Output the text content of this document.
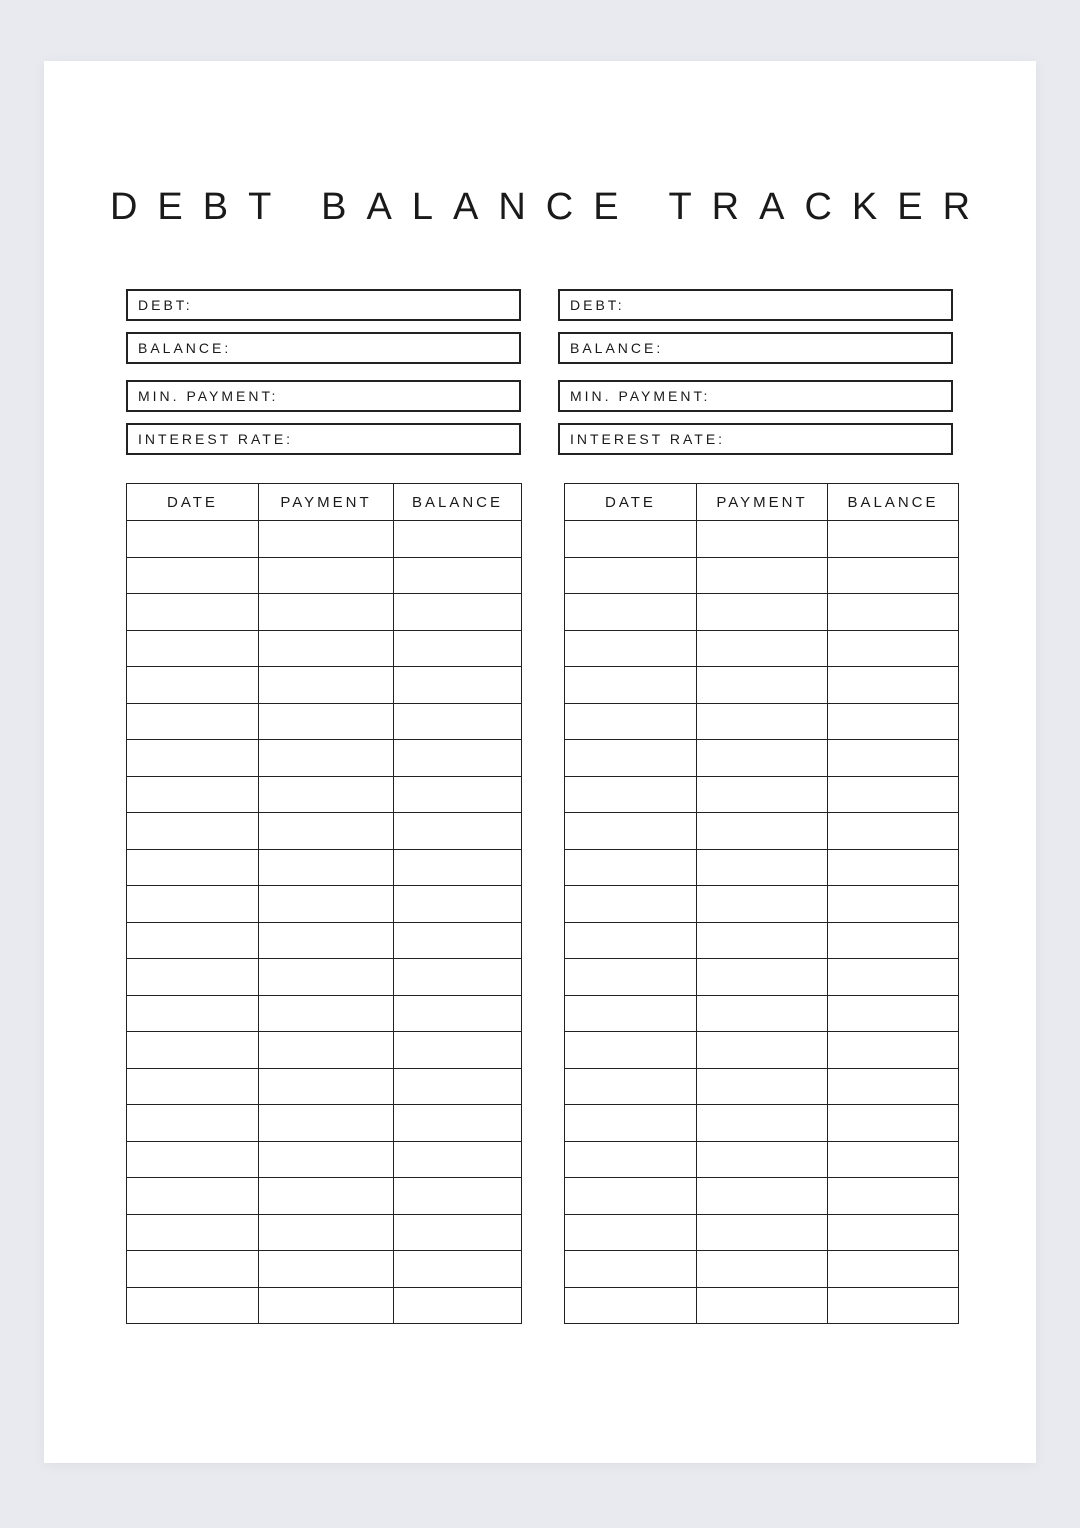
DEBT BALANCE TRACKER
DEBT:
BALANCE:
MIN. PAYMENT:
INTEREST RATE:
DATE	PAYMENT	BALANCE

DEBT:
BALANCE:
MIN. PAYMENT:
INTEREST RATE:
DATE	PAYMENT	BALANCE
